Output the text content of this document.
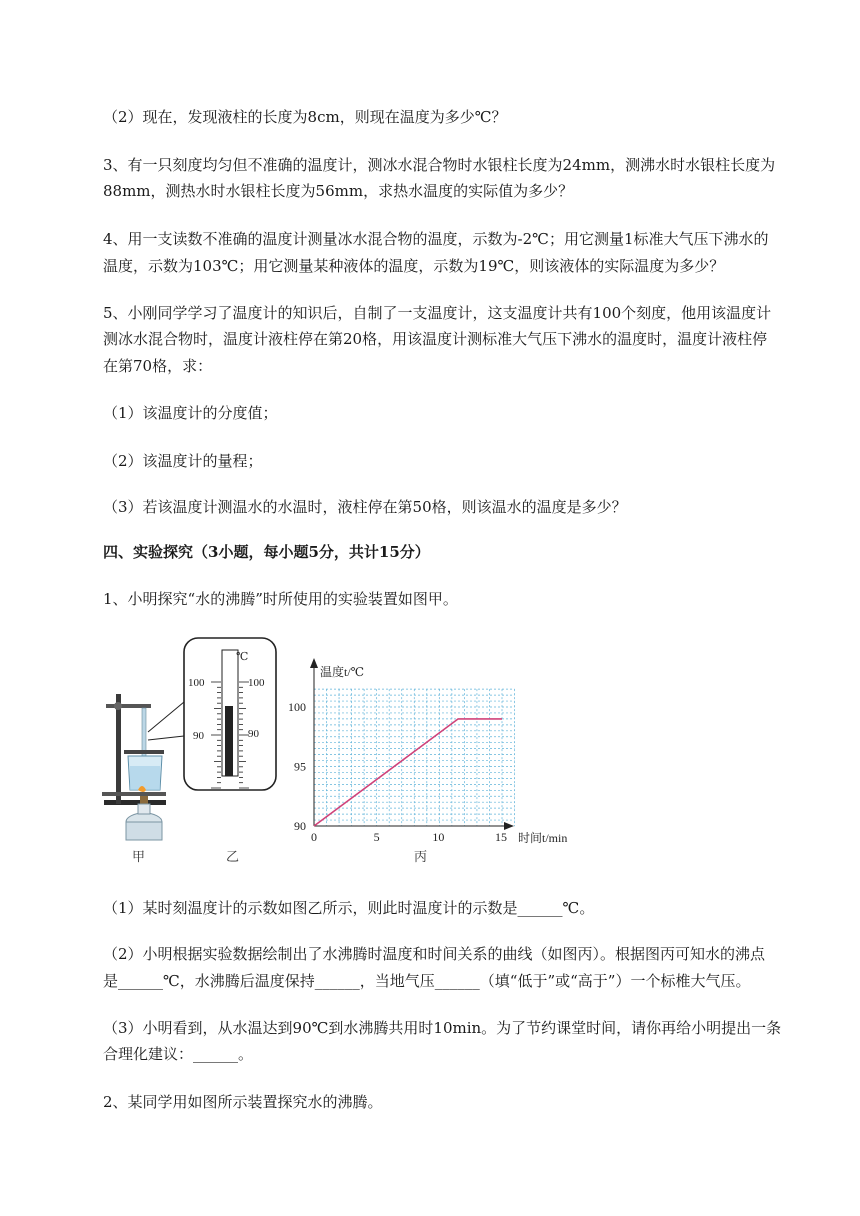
（2）现在，发现液柱的长度为8cm，则现在温度为多少℃？
3、有一只刻度均匀但不准确的温度计，测冰水混合物时水银柱长度为24mm，测沸水时水银柱长度为
88mm，测热水时水银柱长度为56mm，求热水温度的实际值为多少？
4、用一支读数不准确的温度计测量冰水混合物的温度，示数为-2℃；用它测量1标准大气压下沸水的
温度，示数为103℃；用它测量某种液体的温度，示数为19℃，则该液体的实际温度为多少？
5、小刚同学学习了温度计的知识后，自制了一支温度计，这支温度计共有100个刻度，他用该温度计
测冰水混合物时，温度计液柱停在第20格，用该温度计测标准大气压下沸水的温度时，温度计液柱停
在第70格，求：
（1）该温度计的分度值；
（2）该温度计的量程；
（3）若该温度计测温水的水温时，液柱停在第50格，则该温水的温度是多少？
四、实验探究（3小题，每小题5分，共计15分）
1、小明探究“水的沸腾”时所使用的实验装置如图甲。
（1）某时刻温度计的示数如图乙所示，则此时温度计的示数是______℃。
（2）小明根据实验数据绘制出了水沸腾时温度和时间关系的曲线（如图丙）。根据图丙可知水的沸点
是______℃，水沸腾后温度保持______，当地气压______（填“低于”或“高于”）一个标椎大气压。
（3）小明看到，从水温达到90℃到水沸腾共用时10min。为了节约课堂时间，请你再给小明提出一条
合理化建议：______。
2、某同学用如图所示装置探究水的沸腾。
甲
℃
100	100
90	90
乙
0	5	10	15
90
95
100
温度t/℃
时间t/min
丙
